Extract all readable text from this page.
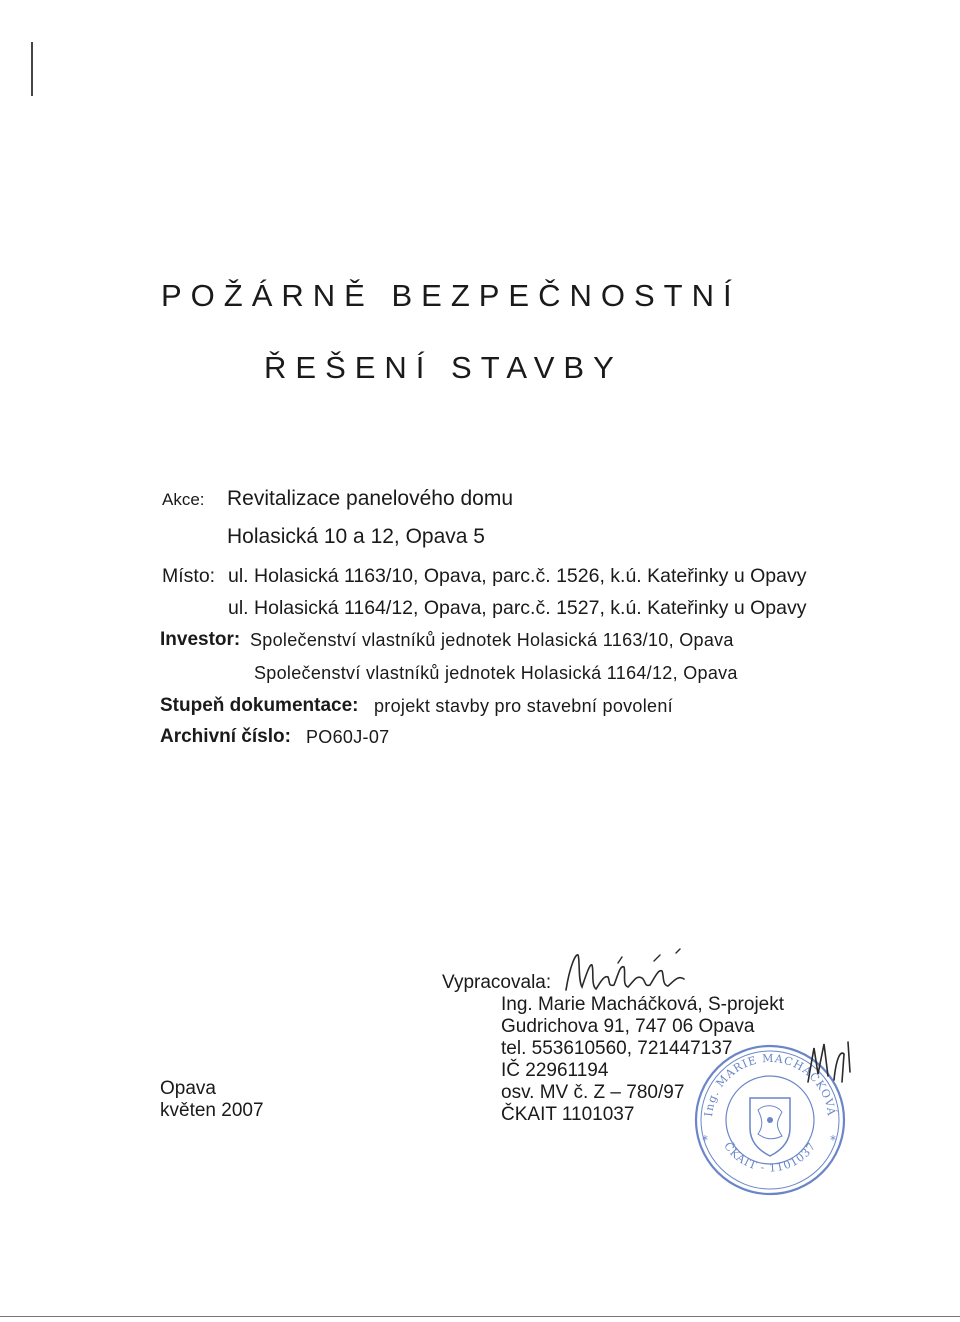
POŽÁRNĚ BEZPEČNOSTNÍ
ŘEŠENÍ STAVBY
Akce: Revitalizace panelového domu
Holasická 10 a 12, Opava 5
Místo: ul. Holasická 1163/10, Opava, parc.č. 1526, k.ú. Kateřinky u Opavy
ul. Holasická 1164/12, Opava, parc.č. 1527, k.ú. Kateřinky u Opavy
Investor: Společenství vlastníků jednotek Holasická 1163/10, Opava
Společenství vlastníků jednotek Holasická 1164/12, Opava
Stupeň dokumentace: projekt stavby pro stavební povolení
Archivní číslo: PO60J-07
Opava
květen 2007
Vypracovala:
Ing. Marie Macháčková, S-projekt
Gudrichova 91, 747 06 Opava
tel. 553610560, 721447137
IČ 22961194
osv. MV č. Z – 780/97
ČKAIT 1101037	Ing. MARIE MACHÁČKOVÁ
ČKAIT - 1101037 *
*
